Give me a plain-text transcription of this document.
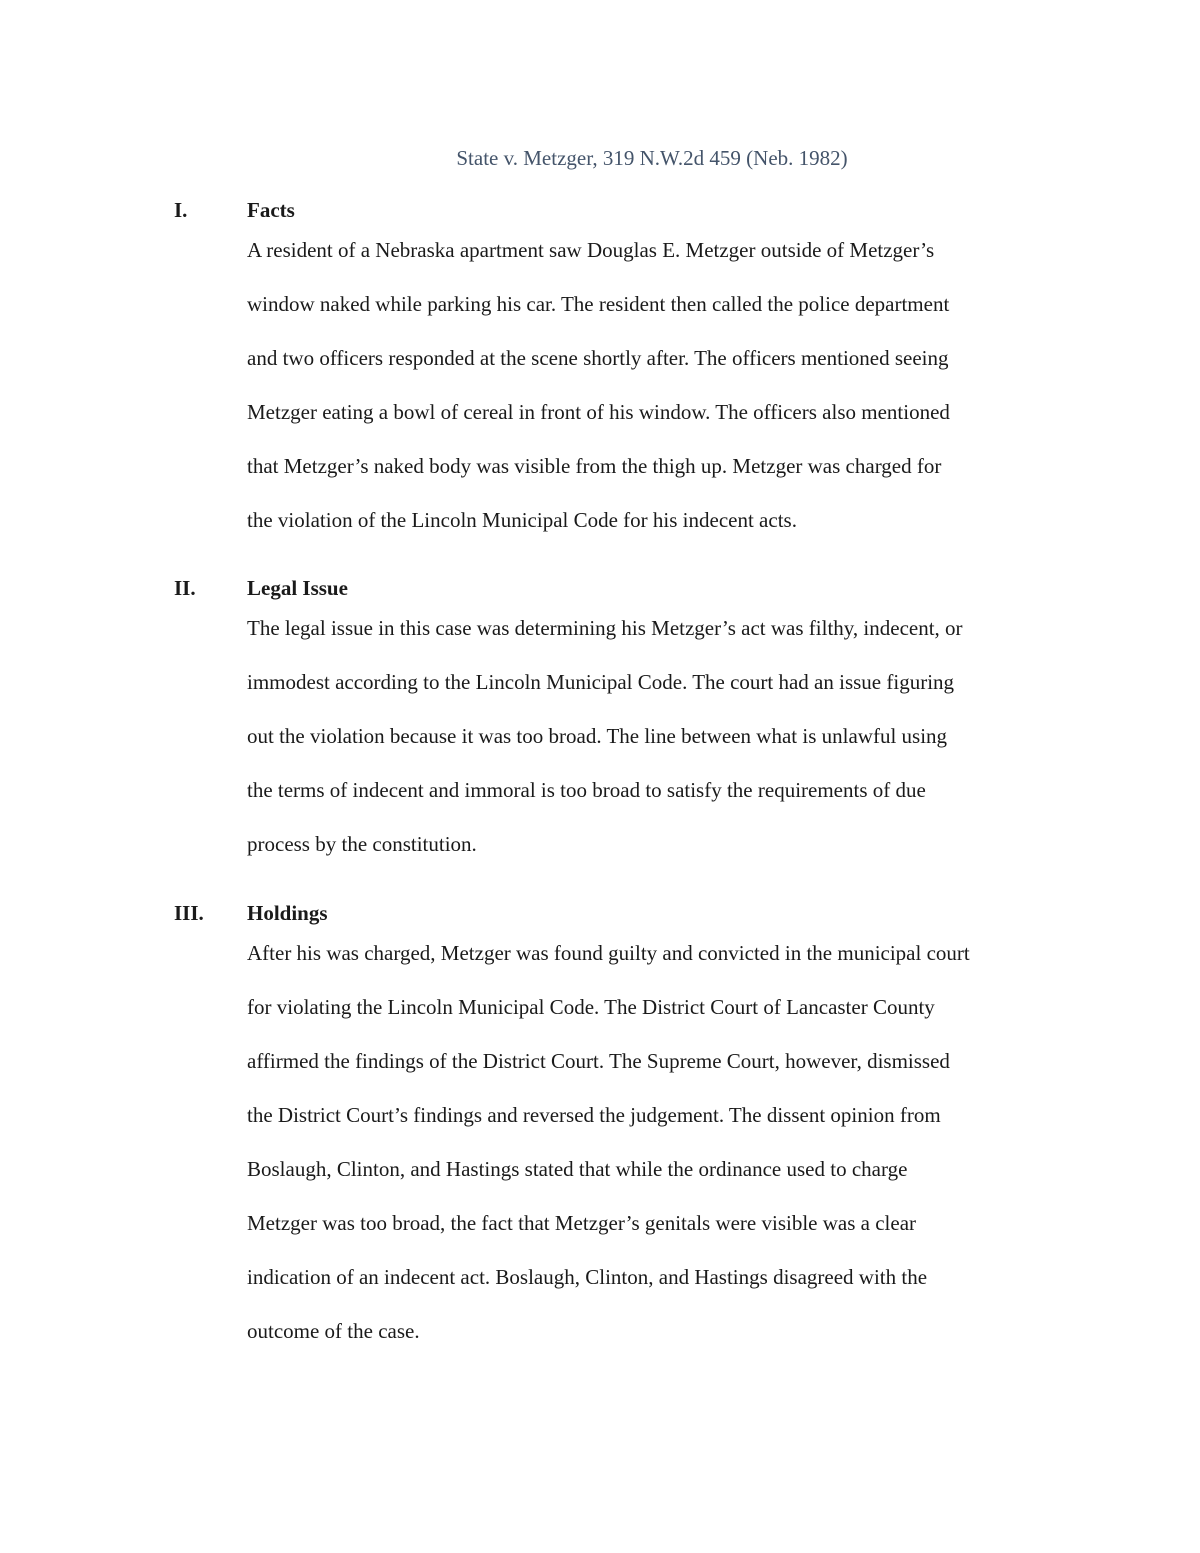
State v. Metzger, 319 N.W.2d 459 (Neb. 1982)
I.	Facts
A resident of a Nebraska apartment saw Douglas E. Metzger outside of Metzger’s
window naked while parking his car. The resident then called the police department
and two officers responded at the scene shortly after. The officers mentioned seeing
Metzger eating a bowl of cereal in front of his window. The officers also mentioned
that Metzger’s naked body was visible from the thigh up. Metzger was charged for
the violation of the Lincoln Municipal Code for his indecent acts.
II. Legal Issue
The legal issue in this case was determining his Metzger’s act was filthy, indecent, or
immodest according to the Lincoln Municipal Code. The court had an issue figuring
out the violation because it was too broad. The line between what is unlawful using
the terms of indecent and immoral is too broad to satisfy the requirements of due
process by the constitution.
III. Holdings
After his was charged, Metzger was found guilty and convicted in the municipal court
for violating the Lincoln Municipal Code. The District Court of Lancaster County
affirmed the findings of the District Court. The Supreme Court, however, dismissed
the District Court’s findings and reversed the judgement. The dissent opinion from
Boslaugh, Clinton, and Hastings stated that while the ordinance used to charge
Metzger was too broad, the fact that Metzger’s genitals were visible was a clear
indication of an indecent act. Boslaugh, Clinton, and Hastings disagreed with the
outcome of the case.
